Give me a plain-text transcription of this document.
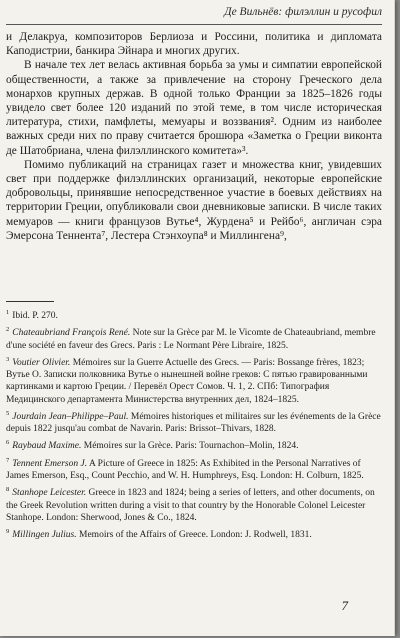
Де Вильнёв: филэллин и русофил

и Делакруа, композиторов Берлиоза и Россини, политика и дипломата Каподистрии, банкира Эйнара и многих других.

В начале тех лет велась активная борьба за умы и симпатии европейской общественности, а также за привлечение на сторону Греческого дела монархов крупных держав. В одной только Франции за 1825–1826 годы увидело свет более 120 изданий по этой теме, в том числе историческая литература, стихи, памфлеты, мемуары и воззвания². Одним из наиболее важных среди них по праву считается брошюра «Заметка о Греции виконта де Шатобриана, члена филэллинского комитета»³.

Помимо публикаций на страницах газет и множества книг, увидевших свет при поддержке филэллинских организаций, некоторые европейские добровольцы, принявшие непосредственное участие в боевых действиях на территории Греции, опубликовали свои дневниковые записки. В числе таких мемуаров — книги французов Вутье⁴, Журдена⁵ и Рейбо⁶, англичан сэра Эмерсона Теннента⁷, Лестера Стэнхоупа⁸ и Миллингена⁹,

$^1$ Ibid. P. 270.

$^2$ Chateaubriand François René. Note sur la Grèce par M. le Vicomte de Chateaubriand, membre d'une société en faveur des Grecs. Paris : Le Normant Père Libraire, 1825.

$^3$ Voutier Olivier. Mémoires sur la Guerre Actuelle des Grecs. — Paris: Bossange frères, 1823; Вутье О. Записки полковника Вутье о нынешней войне греков: С пятью гравированными картинками и картою Греции. / Перевёл Орест Сомов. Ч. 1, 2. СПб: Типография Медицинского департамента Министерства внутренних дел, 1824–1825.

$^5$ Jourdain Jean–Philippe–Paul. Mémoires historiques et militaires sur les événements de la Grèce depuis 1822 jusqu'au combat de Navarin. Paris: Brissot–Thivars, 1828.

$^6$ Raybaud Maxime. Mémoires sur la Grèce. Paris: Tournachon–Molin, 1824.

$^7$ Tennent Emerson J. A Picture of Greece in 1825: As Exhibited in the Personal Narratives of James Emerson, Esq., Count Pecchio, and W. H. Humphreys, Esq. London: H. Colburn, 1825.

$^8$ Stanhope Leicester. Greece in 1823 and 1824; being a series of letters, and other documents, on the Greek Revolution written during a visit to that country by the Honorable Colonel Leicester Stanhope. London: Sherwood, Jones & Co., 1824.

$^9$ Millingen Julius. Memoirs of the Affairs of Greece. London: J. Rodwell, 1831.

7
